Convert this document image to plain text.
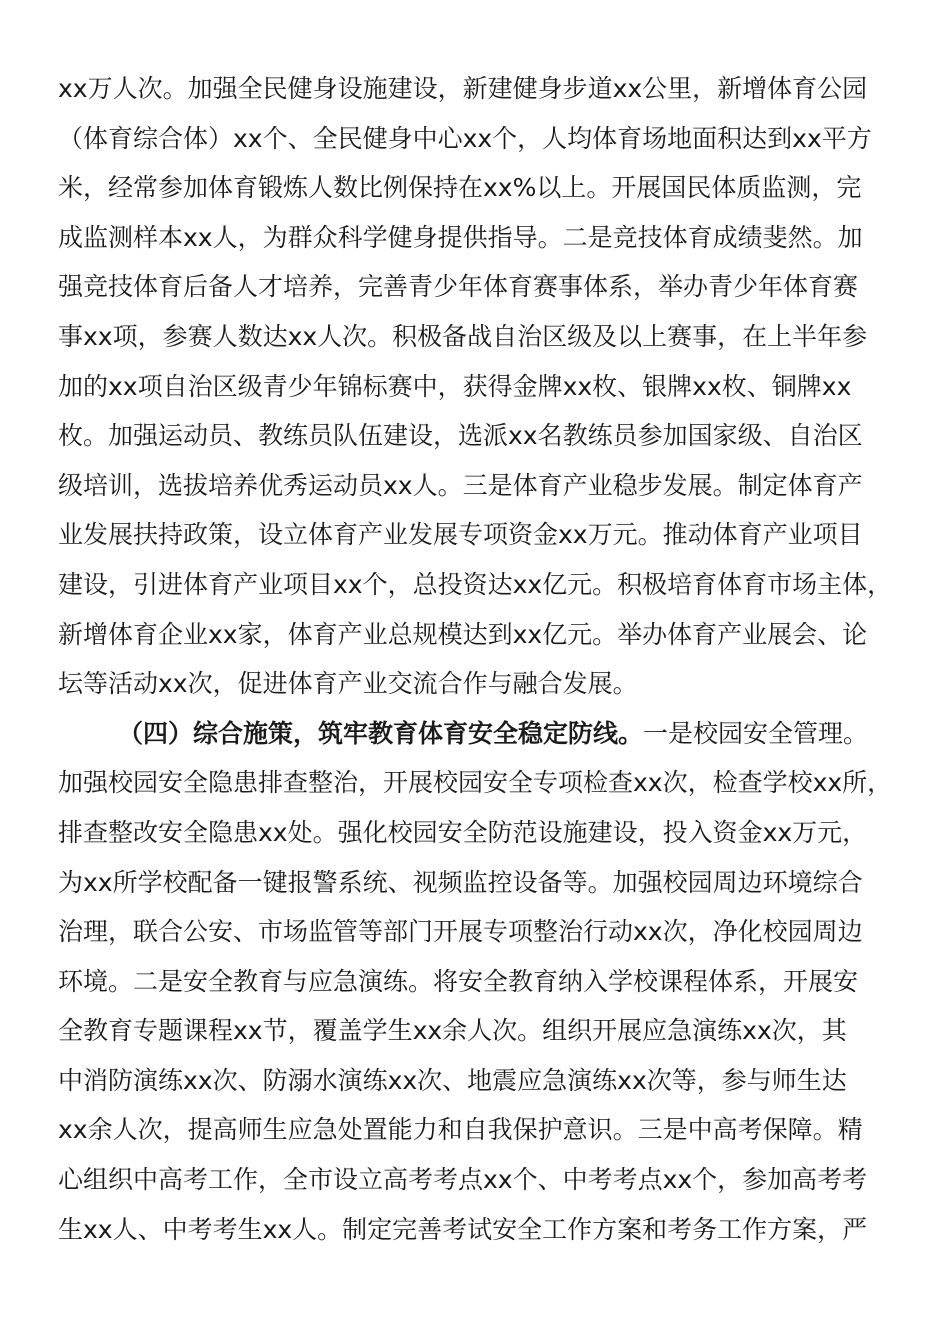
xx万人次。加强全民健身设施建设，新建健身步道xx公里，新增体育公园
（体育综合体）xx个、全民健身中心xx个，人均体育场地面积达到xx平方
米，经常参加体育锻炼人数比例保持在xx%以上。开展国民体质监测，完
成监测样本xx人，为群众科学健身提供指导。二是竞技体育成绩斐然。加
强竞技体育后备人才培养，完善青少年体育赛事体系，举办青少年体育赛
事xx项，参赛人数达xx人次。积极备战自治区级及以上赛事，在上半年参
加的xx项自治区级青少年锦标赛中，获得金牌xx枚、银牌xx枚、铜牌xx
枚。加强运动员、教练员队伍建设，选派xx名教练员参加国家级、自治区
级培训，选拔培养优秀运动员xx人。三是体育产业稳步发展。制定体育产
业发展扶持政策，设立体育产业发展专项资金xx万元。推动体育产业项目
建设，引进体育产业项目xx个，总投资达xx亿元。积极培育体育市场主体，
新增体育企业xx家，体育产业总规模达到xx亿元。举办体育产业展会、论
坛等活动xx次，促进体育产业交流合作与融合发展。
（四）综合施策，筑牢教育体育安全稳定防线。一是校园安全管理。
加强校园安全隐患排查整治，开展校园安全专项检查xx次，检查学校xx所，
排查整改安全隐患xx处。强化校园安全防范设施建设，投入资金xx万元，
为xx所学校配备一键报警系统、视频监控设备等。加强校园周边环境综合
治理，联合公安、市场监管等部门开展专项整治行动xx次，净化校园周边
环境。二是安全教育与应急演练。将安全教育纳入学校课程体系，开展安
全教育专题课程xx节，覆盖学生xx余人次。组织开展应急演练xx次，其
中消防演练xx次、防溺水演练xx次、地震应急演练xx次等，参与师生达
xx余人次，提高师生应急处置能力和自我保护意识。三是中高考保障。精
心组织中高考工作，全市设立高考考点xx个、中考考点xx个，参加高考考
生xx人、中考考生xx人。制定完善考试安全工作方案和考务工作方案，严
